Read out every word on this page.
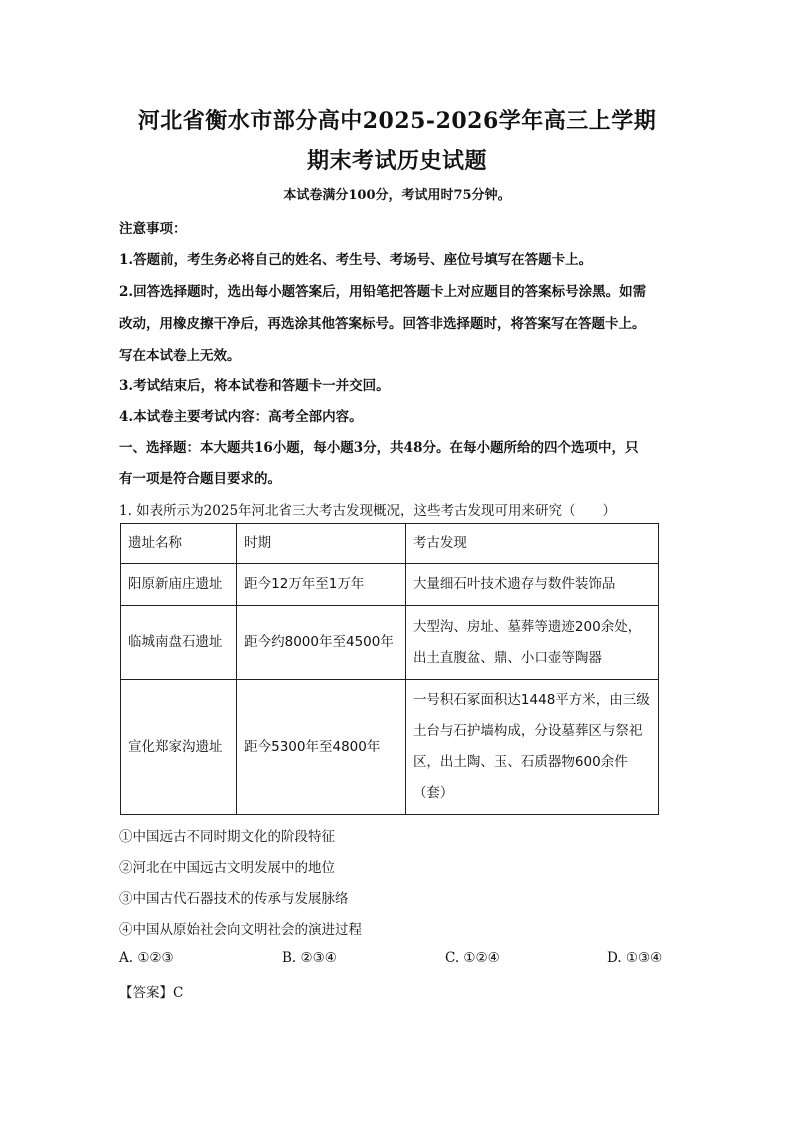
河北省衡水市部分高中2025-2026学年高三上学期
期末考试历史试题
本试卷满分100分，考试用时75分钟。
注意事项：
1.答题前，考生务必将自己的姓名、考生号、考场号、座位号填写在答题卡上。
2.回答选择题时，选出每小题答案后，用铅笔把答题卡上对应题目的答案标号涂黑。如需
改动，用橡皮擦干净后，再选涂其他答案标号。回答非选择题时，将答案写在答题卡上。
写在本试卷上无效。
3.考试结束后，将本试卷和答题卡一并交回。
4.本试卷主要考试内容：高考全部内容。
一、选择题：本大题共16小题，每小题3分，共48分。在每小题所给的四个选项中，只
有一项是符合题目要求的。
1. 如表所示为2025年河北省三大考古发现概况，这些考古发现可用来研究（　　）
遗址名称	时期	考古发现
阳原新庙庄遗址	距今12万年至1万年	大量细石叶技术遗存与数件装饰品
临城南盘石遗址	距今约8000年至4500年	大型沟、房址、墓葬等遗迹200余处，出土直腹盆、鼎、小口壶等陶器
宣化郑家沟遗址	距今5300年至4800年	一号积石冢面积达1448平方米，由三级土台与石护墙构成，分设墓葬区与祭祀区，出土陶、玉、石质器物600余件（套）
①中国远古不同时期文化的阶段特征
②河北在中国远古文明发展中的地位
③中国古代石器技术的传承与发展脉络
④中国从原始社会向文明社会的演进过程
A. ①②③	B. ②③④	C. ①②④	D. ①③④
【答案】C
